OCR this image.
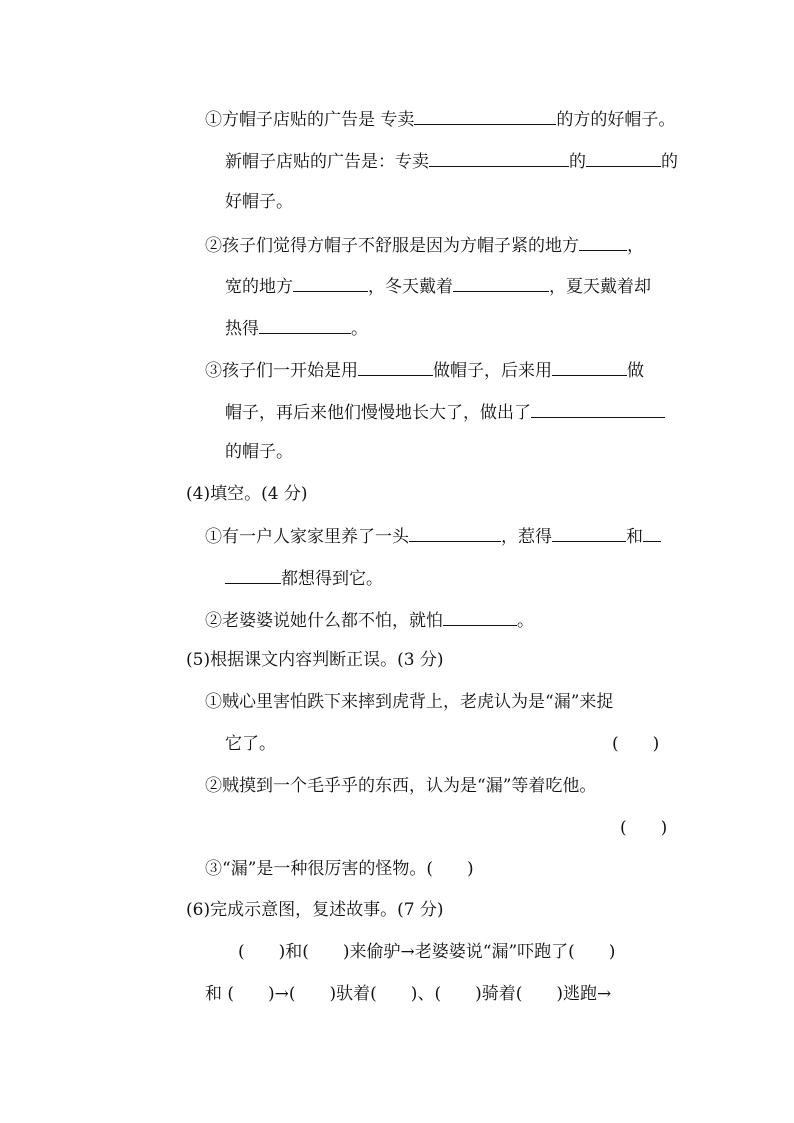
①方帽子店贴的广告是 专卖	的方的好帽子。
新帽子店贴的广告是：专卖	的	的
好帽子。
②孩子们觉得方帽子不舒服是因为方帽子紧的地方	，
宽的地方	，冬天戴着	，夏天戴着却
热得	。
③孩子们一开始是用	做帽子，后来用	做
帽子，再后来他们慢慢地长大了，做出了
的帽子。
(4)填空。(4 分)
①有一户人家家里养了一头	，惹得	和
都想得到它。
②老婆婆说她什么都不怕，就怕	。
(5)根据课文内容判断正误。(3 分)
①贼心里害怕跌下来摔到虎背上，老虎认为是“漏”来捉
它了。	(　　)
②贼摸到一个毛乎乎的东西，认为是“漏”等着吃他。
(　　)
③“漏”是一种很厉害的怪物。(　　)
(6)完成示意图，复述故事。(7 分)
(　　)和(　　)来偷驴→老婆婆说“漏”吓跑了(　　)
和 (　　)→(　　)驮着(　　)、(　　)骑着(　　)逃跑→
